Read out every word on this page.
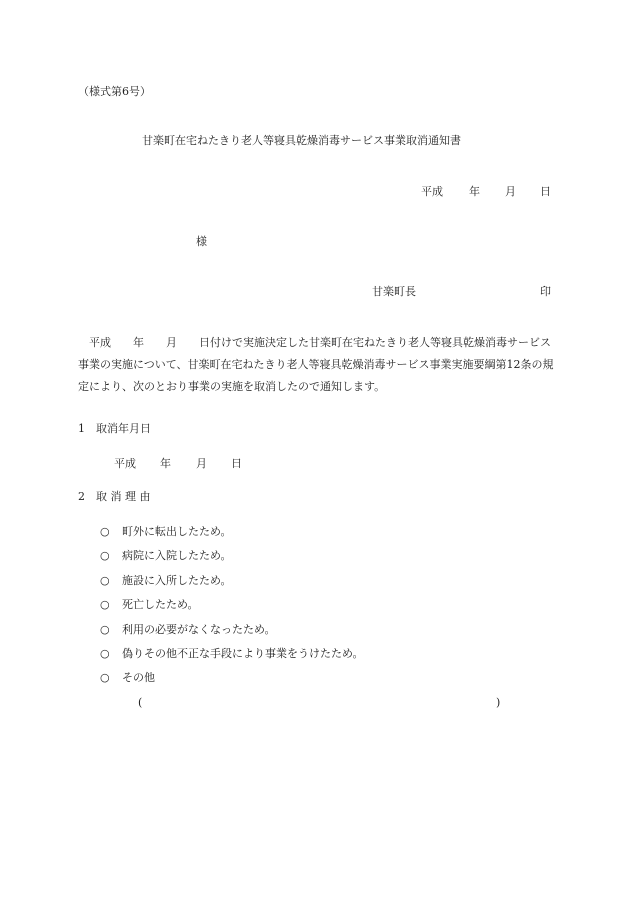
（様式第6号）
甘楽町在宅ねたきり老人等寝具乾燥消毒サービス事業取消通知書
平成 年 月 日
様
甘楽町長	印
　平成　　年　　月　　日付けで実施決定した甘楽町在宅ねたきり老人等寝具乾燥消毒サービス事業の実施について、甘楽町在宅ねたきり老人等寝具乾燥消毒サービス事業実施要綱第12条の規定により、次のとおり事業の実施を取消したので通知します。
1　取消年月日
平成 年 月 日
2　取 消 理 由
○ 町外に転出したため。
○ 病院に入院したため。
○ 施設に入所したため。
○ 死亡したため。
○ 利用の必要がなくなったため。
○ 偽りその他不正な手段により事業をうけたため。
○ その他
(	)
